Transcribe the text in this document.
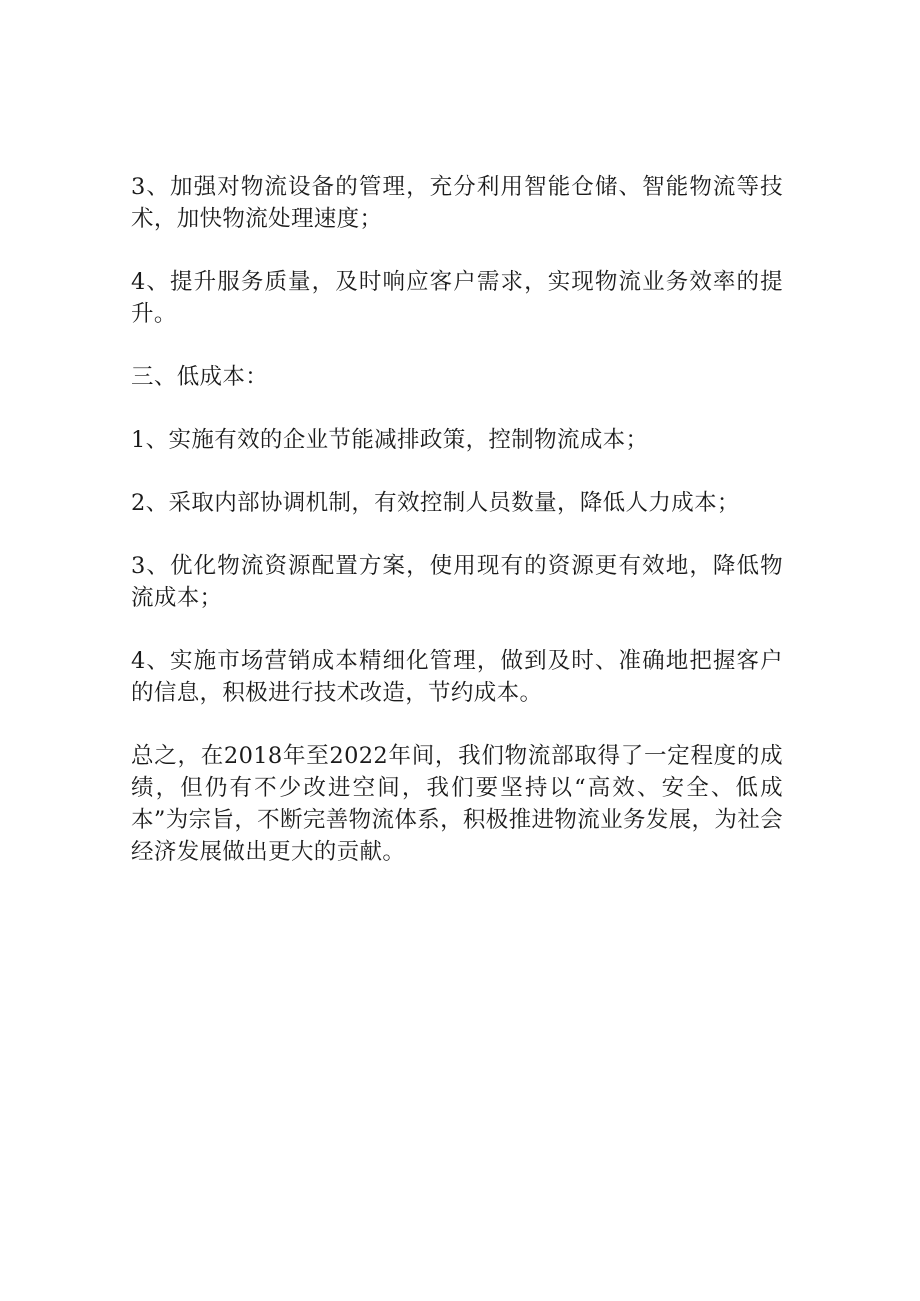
3、加强对物流设备的管理，充分利用智能仓储、智能物流等技术，加快物流处理速度；

4、提升服务质量，及时响应客户需求，实现物流业务效率的提升。

三、低成本：

1、实施有效的企业节能减排政策，控制物流成本；

2、采取内部协调机制，有效控制人员数量，降低人力成本；

3、优化物流资源配置方案，使用现有的资源更有效地，降低物流成本；

4、实施市场营销成本精细化管理，做到及时、准确地把握客户的信息，积极进行技术改造，节约成本。

总之，在2018年至2022年间，我们物流部取得了一定程度的成绩，但仍有不少改进空间，我们要坚持以“高效、安全、低成本”为宗旨，不断完善物流体系，积极推进物流业务发展，为社会经济发展做出更大的贡献。
